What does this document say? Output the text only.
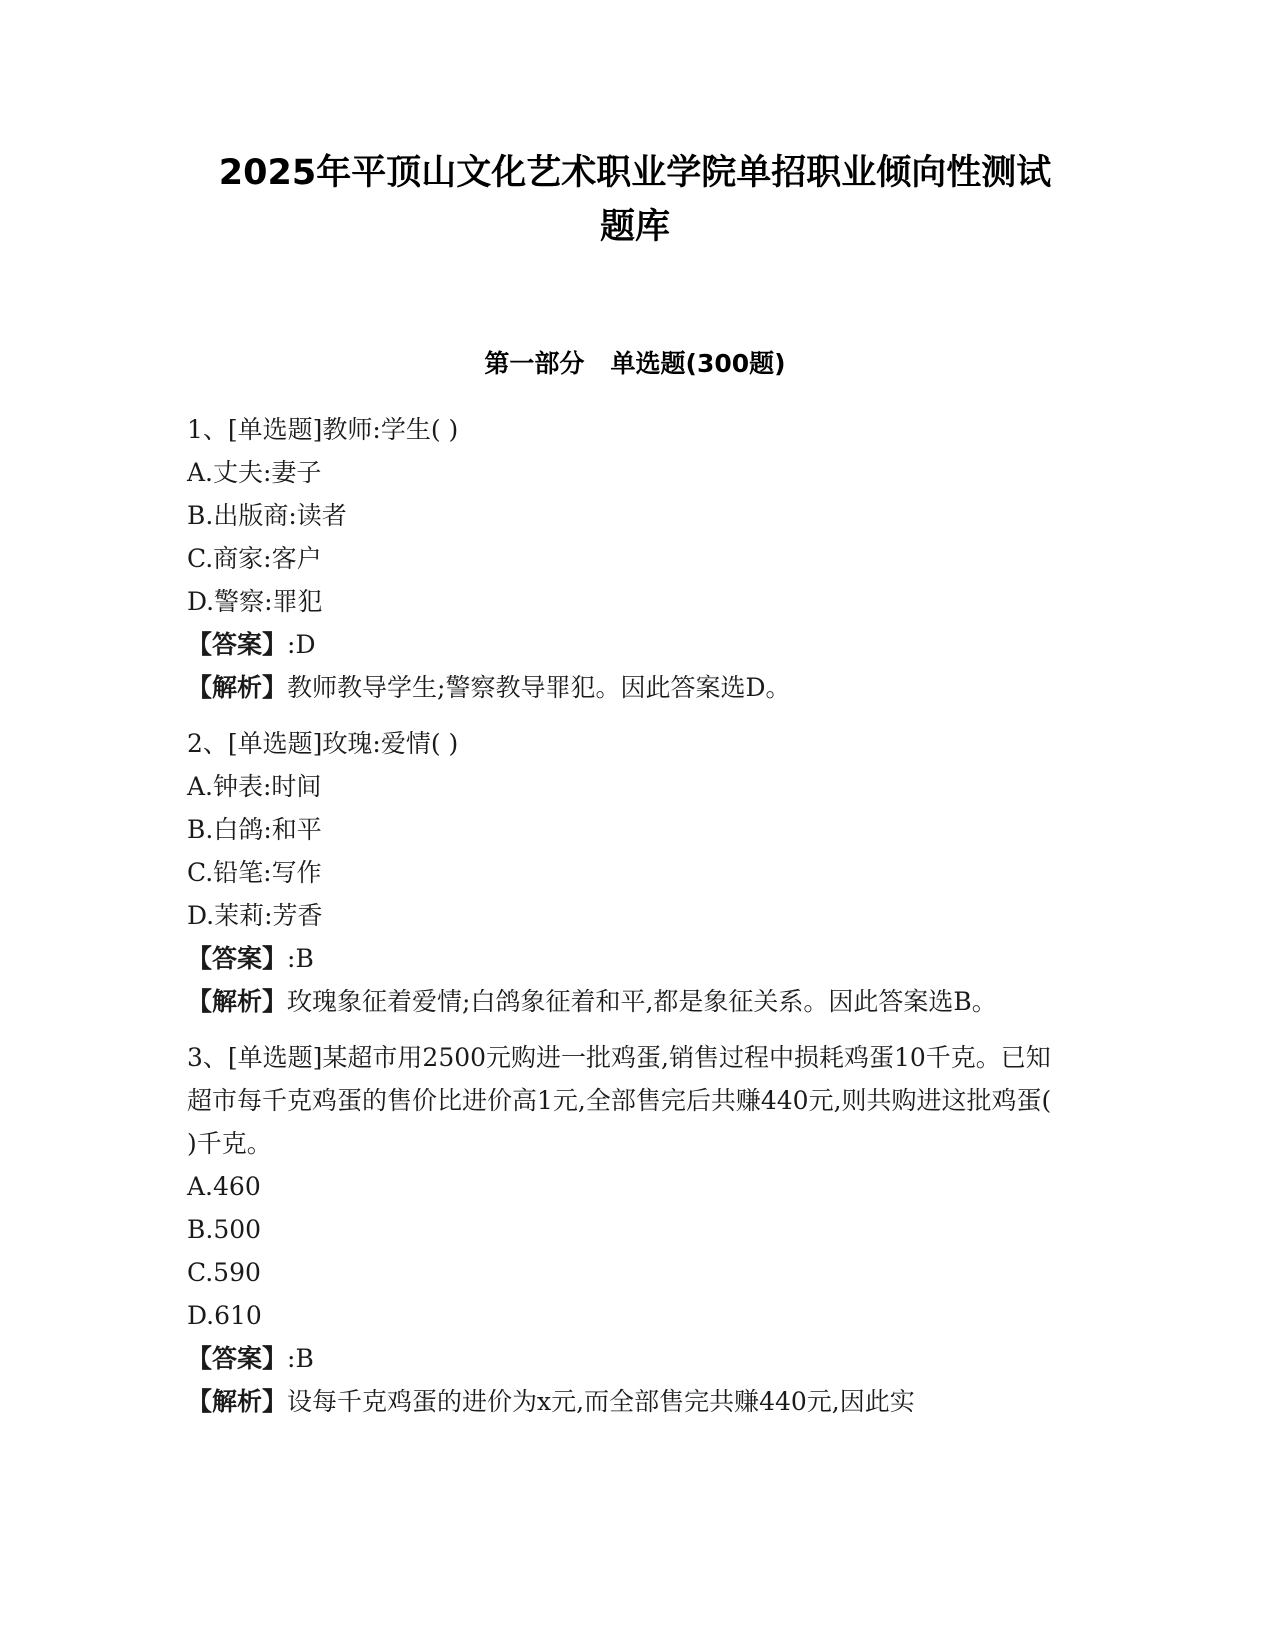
2025年平顶山文化艺术职业学院单招职业倾向性测试
题库
第一部分   单选题(300题)

1、[单选题]教师:学生( )

A.丈夫:妻子

B.出版商:读者

C.商家:客户

D.警察:罪犯

【答案】:D

【解析】教师教导学生;警察教导罪犯。因此答案选D。

2、[单选题]玫瑰:爱情( )

A.钟表:时间

B.白鸽:和平

C.铅笔:写作

D.茉莉:芳香

【答案】:B

【解析】玫瑰象征着爱情;白鸽象征着和平,都是象征关系。因此答案选B。

3、[单选题]某超市用2500元购进一批鸡蛋,销售过程中损耗鸡蛋10千克。已知超市每千克鸡蛋的售价比进价高1元,全部售完后共赚440元,则共购进这批鸡蛋( )千克。

A.460

B.500

C.590

D.610

【答案】:B

【解析】设每千克鸡蛋的进价为x元,而全部售完共赚440元,因此实
